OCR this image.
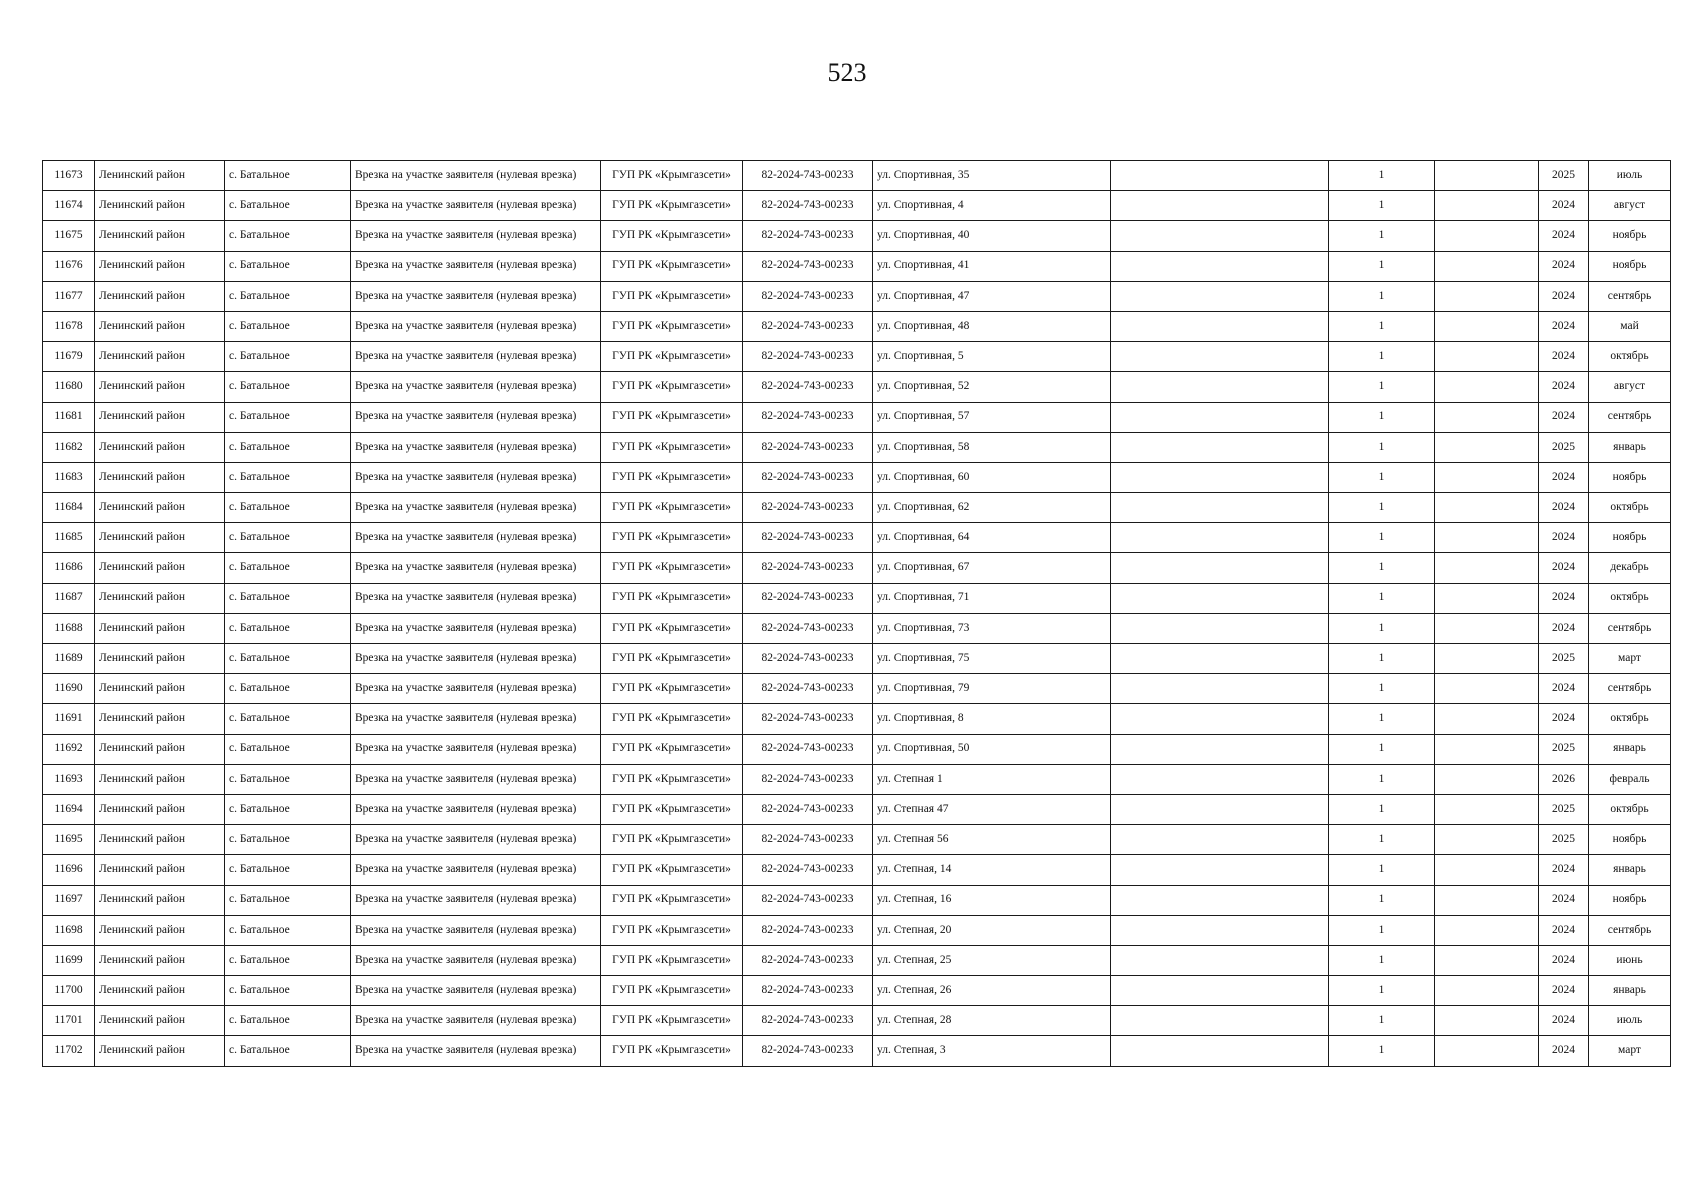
523
11673	Ленинский район	с. Батальное	Врезка на участке заявителя (нулевая врезка)	ГУП РК «Крымгазсети»	82-2024-743-00233	ул. Спортивная, 35		1		2025	июль
11674	Ленинский район	с. Батальное	Врезка на участке заявителя (нулевая врезка)	ГУП РК «Крымгазсети»	82-2024-743-00233	ул. Спортивная, 4		1		2024	август
11675	Ленинский район	с. Батальное	Врезка на участке заявителя (нулевая врезка)	ГУП РК «Крымгазсети»	82-2024-743-00233	ул. Спортивная, 40		1		2024	ноябрь
11676	Ленинский район	с. Батальное	Врезка на участке заявителя (нулевая врезка)	ГУП РК «Крымгазсети»	82-2024-743-00233	ул. Спортивная, 41		1		2024	ноябрь
11677	Ленинский район	с. Батальное	Врезка на участке заявителя (нулевая врезка)	ГУП РК «Крымгазсети»	82-2024-743-00233	ул. Спортивная, 47		1		2024	сентябрь
11678	Ленинский район	с. Батальное	Врезка на участке заявителя (нулевая врезка)	ГУП РК «Крымгазсети»	82-2024-743-00233	ул. Спортивная, 48		1		2024	май
11679	Ленинский район	с. Батальное	Врезка на участке заявителя (нулевая врезка)	ГУП РК «Крымгазсети»	82-2024-743-00233	ул. Спортивная, 5		1		2024	октябрь
11680	Ленинский район	с. Батальное	Врезка на участке заявителя (нулевая врезка)	ГУП РК «Крымгазсети»	82-2024-743-00233	ул. Спортивная, 52		1		2024	август
11681	Ленинский район	с. Батальное	Врезка на участке заявителя (нулевая врезка)	ГУП РК «Крымгазсети»	82-2024-743-00233	ул. Спортивная, 57		1		2024	сентябрь
11682	Ленинский район	с. Батальное	Врезка на участке заявителя (нулевая врезка)	ГУП РК «Крымгазсети»	82-2024-743-00233	ул. Спортивная, 58		1		2025	январь
11683	Ленинский район	с. Батальное	Врезка на участке заявителя (нулевая врезка)	ГУП РК «Крымгазсети»	82-2024-743-00233	ул. Спортивная, 60		1		2024	ноябрь
11684	Ленинский район	с. Батальное	Врезка на участке заявителя (нулевая врезка)	ГУП РК «Крымгазсети»	82-2024-743-00233	ул. Спортивная, 62		1		2024	октябрь
11685	Ленинский район	с. Батальное	Врезка на участке заявителя (нулевая врезка)	ГУП РК «Крымгазсети»	82-2024-743-00233	ул. Спортивная, 64		1		2024	ноябрь
11686	Ленинский район	с. Батальное	Врезка на участке заявителя (нулевая врезка)	ГУП РК «Крымгазсети»	82-2024-743-00233	ул. Спортивная, 67		1		2024	декабрь
11687	Ленинский район	с. Батальное	Врезка на участке заявителя (нулевая врезка)	ГУП РК «Крымгазсети»	82-2024-743-00233	ул. Спортивная, 71		1		2024	октябрь
11688	Ленинский район	с. Батальное	Врезка на участке заявителя (нулевая врезка)	ГУП РК «Крымгазсети»	82-2024-743-00233	ул. Спортивная, 73		1		2024	сентябрь
11689	Ленинский район	с. Батальное	Врезка на участке заявителя (нулевая врезка)	ГУП РК «Крымгазсети»	82-2024-743-00233	ул. Спортивная, 75		1		2025	март
11690	Ленинский район	с. Батальное	Врезка на участке заявителя (нулевая врезка)	ГУП РК «Крымгазсети»	82-2024-743-00233	ул. Спортивная, 79		1		2024	сентябрь
11691	Ленинский район	с. Батальное	Врезка на участке заявителя (нулевая врезка)	ГУП РК «Крымгазсети»	82-2024-743-00233	ул. Спортивная, 8		1		2024	октябрь
11692	Ленинский район	с. Батальное	Врезка на участке заявителя (нулевая врезка)	ГУП РК «Крымгазсети»	82-2024-743-00233	ул. Спортивная, 50		1		2025	январь
11693	Ленинский район	с. Батальное	Врезка на участке заявителя (нулевая врезка)	ГУП РК «Крымгазсети»	82-2024-743-00233	ул. Степная 1		1		2026	февраль
11694	Ленинский район	с. Батальное	Врезка на участке заявителя (нулевая врезка)	ГУП РК «Крымгазсети»	82-2024-743-00233	ул. Степная 47		1		2025	октябрь
11695	Ленинский район	с. Батальное	Врезка на участке заявителя (нулевая врезка)	ГУП РК «Крымгазсети»	82-2024-743-00233	ул. Степная 56		1		2025	ноябрь
11696	Ленинский район	с. Батальное	Врезка на участке заявителя (нулевая врезка)	ГУП РК «Крымгазсети»	82-2024-743-00233	ул. Степная, 14		1		2024	январь
11697	Ленинский район	с. Батальное	Врезка на участке заявителя (нулевая врезка)	ГУП РК «Крымгазсети»	82-2024-743-00233	ул. Степная, 16		1		2024	ноябрь
11698	Ленинский район	с. Батальное	Врезка на участке заявителя (нулевая врезка)	ГУП РК «Крымгазсети»	82-2024-743-00233	ул. Степная, 20		1		2024	сентябрь
11699	Ленинский район	с. Батальное	Врезка на участке заявителя (нулевая врезка)	ГУП РК «Крымгазсети»	82-2024-743-00233	ул. Степная, 25		1		2024	июнь
11700	Ленинский район	с. Батальное	Врезка на участке заявителя (нулевая врезка)	ГУП РК «Крымгазсети»	82-2024-743-00233	ул. Степная, 26		1		2024	январь
11701	Ленинский район	с. Батальное	Врезка на участке заявителя (нулевая врезка)	ГУП РК «Крымгазсети»	82-2024-743-00233	ул. Степная, 28		1		2024	июль
11702	Ленинский район	с. Батальное	Врезка на участке заявителя (нулевая врезка)	ГУП РК «Крымгазсети»	82-2024-743-00233	ул. Степная, 3		1		2024	март
